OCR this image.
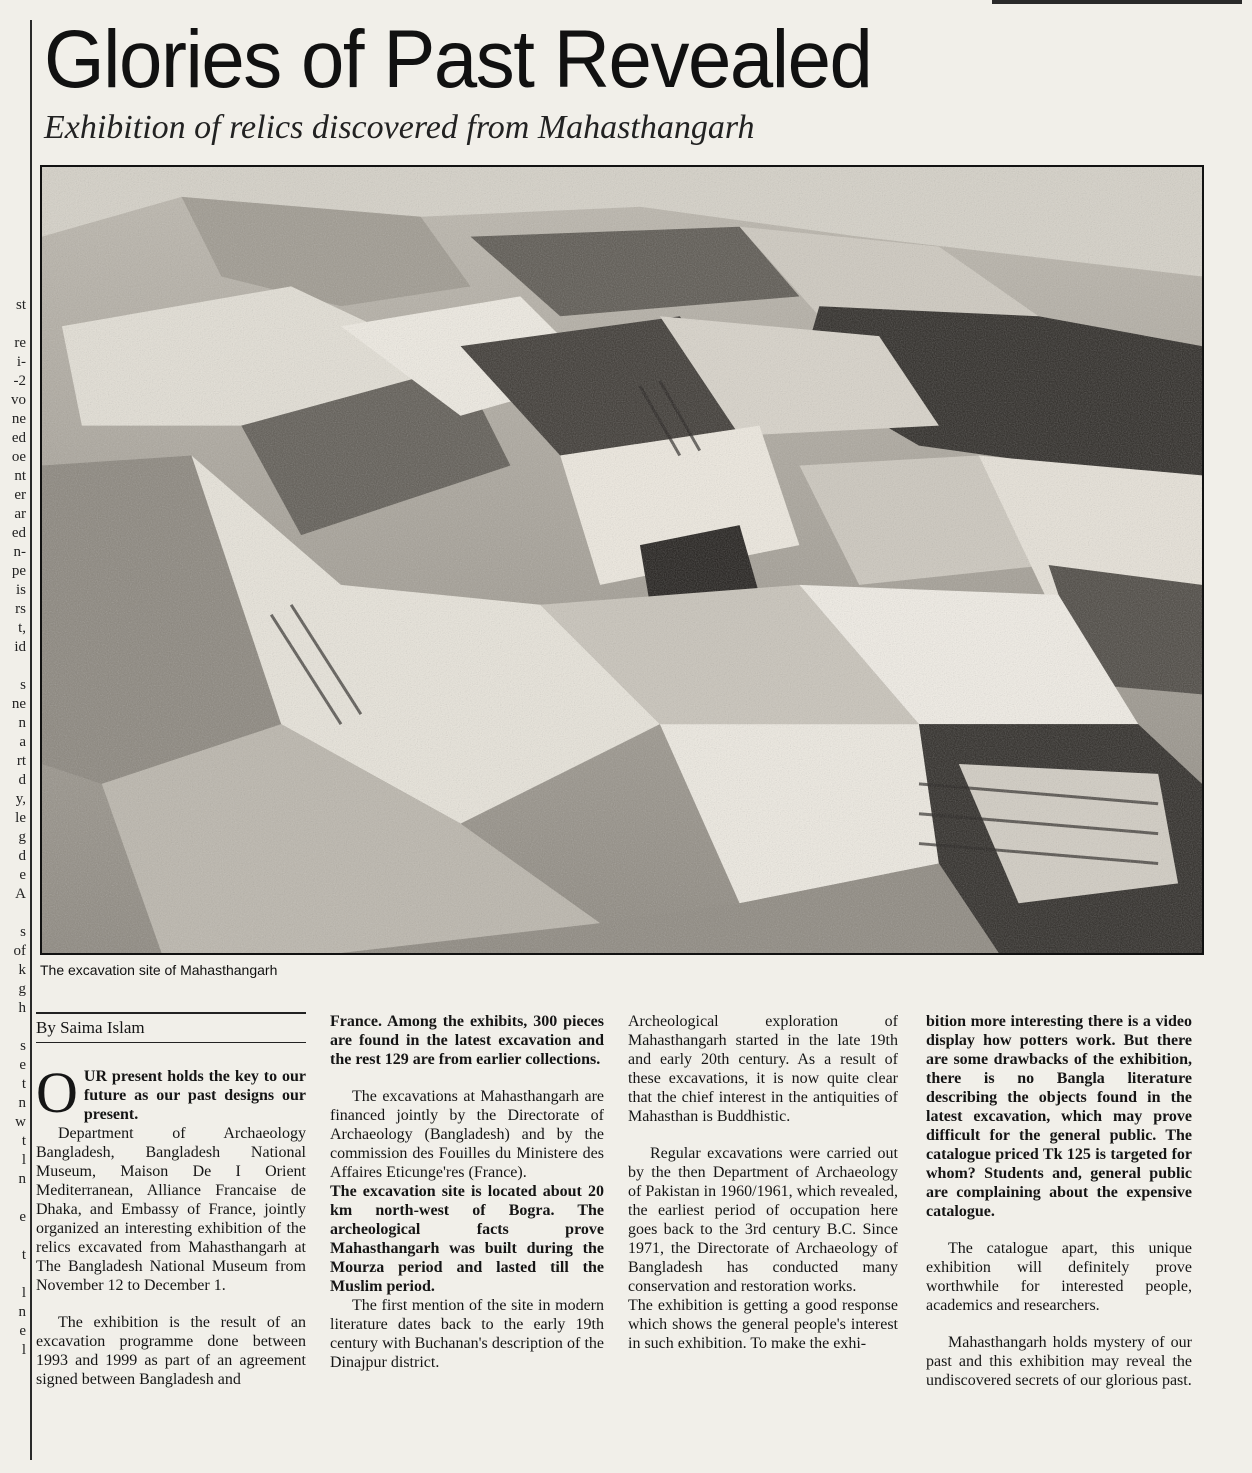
st
re
i-
-2
vo
ne
ed
oe
nt
er
ar
ed
n-
pe
is
rs
t,
id
s
ne
n
a
rt
d
y,
le
g
d
e
A
s
of
k
g
h
s
e
t
n
w
t
l
n
e
t
l
n
e
l
Glories of Past Revealed
Exhibition of relics discovered from Mahasthangarh
The excavation site of Mahasthangarh
By Saima Islam

OUR present holds the key to our future as our past designs our present.

Department of Archaeology Bangladesh, Bangladesh National Museum, Maison De I Orient Mediterranean, Alliance Francaise de Dhaka, and Embassy of France, jointly organized an interesting exhibition of the relics excavated from Mahasthangarh at The Bangladesh National Museum from November 12 to December 1.

The exhibition is the result of an excavation programme done between 1993 and 1999 as part of an agreement signed between Bangladesh and

France. Among the exhibits, 300 pieces are found in the latest excavation and the rest 129 are from earlier collections.

The excavations at Mahasthangarh are financed jointly by the Directorate of Archaeology (Bangladesh) and by the commission des Fouilles du Ministere des Affaires Eticunge'res (France).

The excavation site is located about 20 km north-west of Bogra. The archeological facts prove Mahasthangarh was built during the Mourza period and lasted till the Muslim period.

The first mention of the site in modern literature dates back to the early 19th century with Buchanan's description of the Dinajpur district.

Archeological exploration of Mahasthangarh started in the late 19th and early 20th century. As a result of these excavations, it is now quite clear that the chief interest in the antiquities of Mahasthan is Buddhistic.

Regular excavations were carried out by the then Department of Archaeology of Pakistan in 1960/1961, which revealed, the earliest period of occupation here goes back to the 3rd century B.C. Since 1971, the Directorate of Archaeology of Bangladesh has conducted many conservation and restoration works.

The exhibition is getting a good response which shows the general people's interest in such exhibition. To make the exhi-

bition more interesting there is a video display how potters work. But there are some drawbacks of the exhibition, there is no Bangla literature describing the objects found in the latest excavation, which may prove difficult for the general public. The catalogue priced Tk 125 is targeted for whom? Students and, general public are complaining about the expensive catalogue.

The catalogue apart, this unique exhibition will definitely prove worthwhile for interested people, academics and researchers.

Mahasthangarh holds mystery of our past and this exhibition may reveal the undiscovered secrets of our glorious past.
